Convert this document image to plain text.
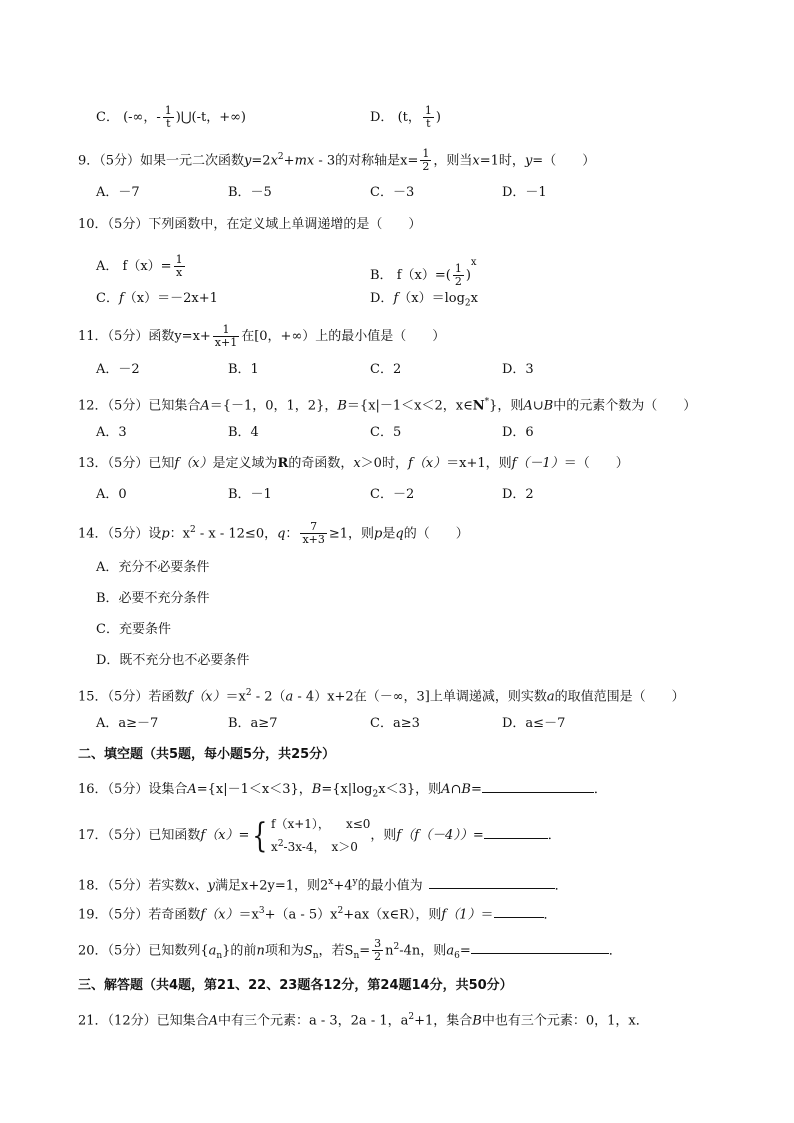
C． (-∞，- $\frac{1}{t}$ )⋃(-t，+∞)	D． (t， $\frac{1}{t}$ )
9．（5分）如果一元二次函数$y=2x^2+mx - 3$的对称轴是$x= \frac{1}{2}$ ，则当x=1时，y=（　　）
A．－7	B．－5	C．－3	D．－1
10．（5分）下列函数中，在定义域上单调递增的是（　　）
A． $f(x)= \frac{1}{x}$	B． $f(x)=( \frac{1}{2} )^x$
C．f（x）＝－2x+1	D．$f(x)=\log_2x$
11．（5分）函数$y=x+ \frac{1}{x+1}$ 在[0，+∞）上的最小值是（　　）
A．－2	B．1	C．2	D．3
12．（5分）已知集合A＝{－1，0，1，2}，B＝{x|－1＜x＜2，x∈N*}，则A∪B中的元素个数为（　　）
A．3	B．4	C．5	D．6
13．（5分）已知f（x）是定义域为R的奇函数，x＞0时，f（x）＝x+1，则f（－1）＝（　　）
A．0	B．－1	C．－2	D．2
14．（5分）设p：$x^2 - x - 12\le 0$，q： $\frac{7}{x+3} \ge 1$，则p是q的（　　）
A．充分不必要条件
B．必要不充分条件
C．充要条件
D．既不充分也不必要条件
15．（5分）若函数$f(x)=x^2 - 2(a - 4)x+2$在（－∞，3]上单调递减，则实数a的取值范围是（　　）
A．a≥－7	B．a≥7	C．a≥3	D．a≤－7
二、填空题（共5题，每小题5分，共25分）
16．（5分）设集合A={x|－1＜x＜3}，$B=\{x|\log_2x<3\}$，则A∩B=	．
17．（5分）已知函数f（x）={ f（x+1）， x≤0
$x^2-3x-4$， x＞0
，则f（f（－4））=	．
18．（5分）若实数x、y满足x+2y=1，则$2^x+4^y$的最小值为	．
19．（5分）若奇函数$f(x)=x^3+(a$ - $5)x^2+ax(x\in R)$，则f（1）＝	．
20．（5分）已知数列$\{a_n\}$的前n项和为$S_n$，若$S_n= \frac{3}{2} n^2-4n$，则$a_6=$	．
三、解答题（共4题，第21、22、23题各12分，第24题14分，共50分）
21．（12分）已知集合A中有三个元素：a - 3，2a - 1，$a^2+1$，集合B中也有三个元素：0，1，x．
